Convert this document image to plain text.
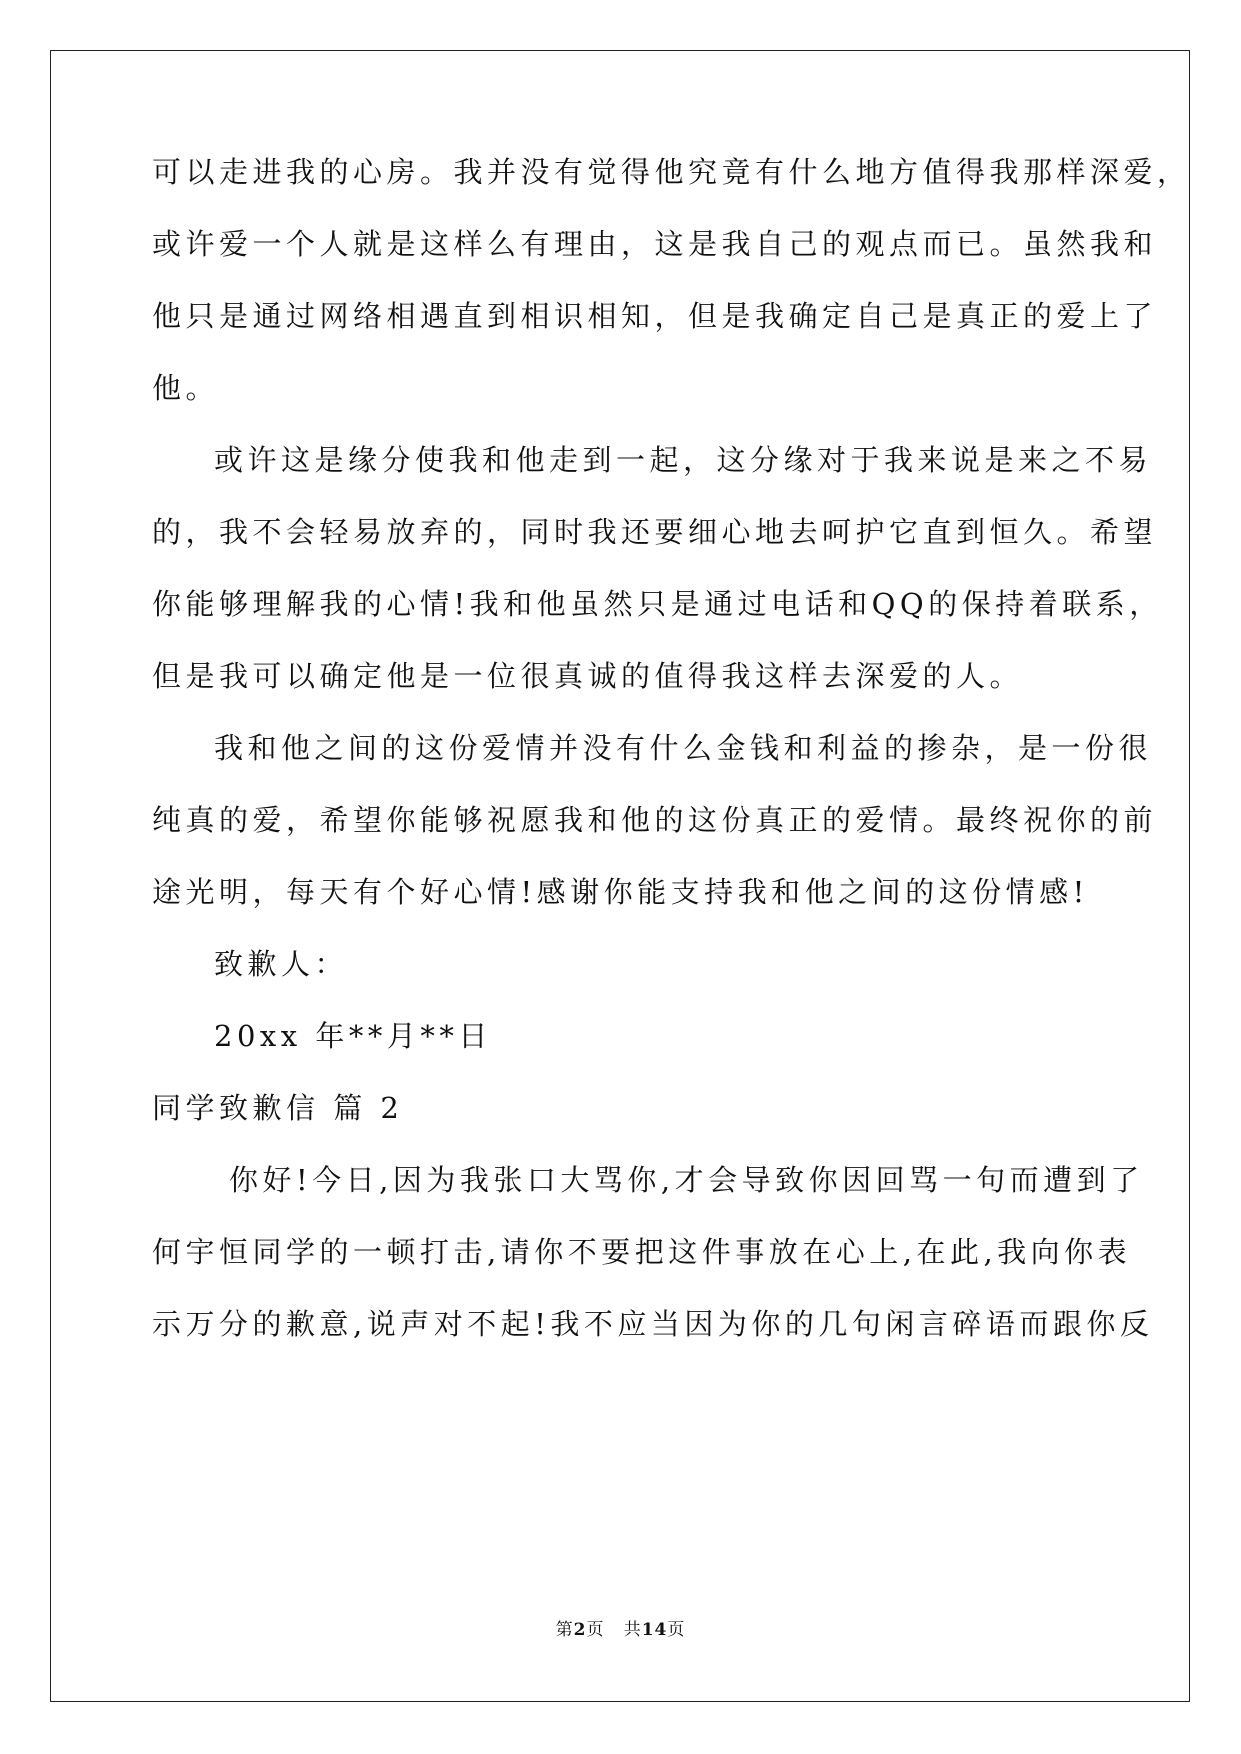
可以走进我的心房。我并没有觉得他究竟有什么地方值得我那样深爱，
或许爱一个人就是这样么有理由，这是我自己的观点而已。虽然我和
他只是通过网络相遇直到相识相知，但是我确定自己是真正的爱上了
他。
或许这是缘分使我和他走到一起，这分缘对于我来说是来之不易
的，我不会轻易放弃的，同时我还要细心地去呵护它直到恒久。希望
你能够理解我的心情!我和他虽然只是通过电话和QQ的保持着联系，
但是我可以确定他是一位很真诚的值得我这样去深爱的人。
我和他之间的这份爱情并没有什么金钱和利益的掺杂，是一份很
纯真的爱，希望你能够祝愿我和他的这份真正的爱情。最终祝你的前
途光明，每天有个好心情!感谢你能支持我和他之间的这份情感!
致歉人：
20xx 年**月**日
同学致歉信 篇 2
你好!今日,因为我张口大骂你,才会导致你因回骂一句而遭到了
何宇恒同学的一顿打击,请你不要把这件事放在心上,在此,我向你表
示万分的歉意,说声对不起!我不应当因为你的几句闲言碎语而跟你反
第2页 共14页
